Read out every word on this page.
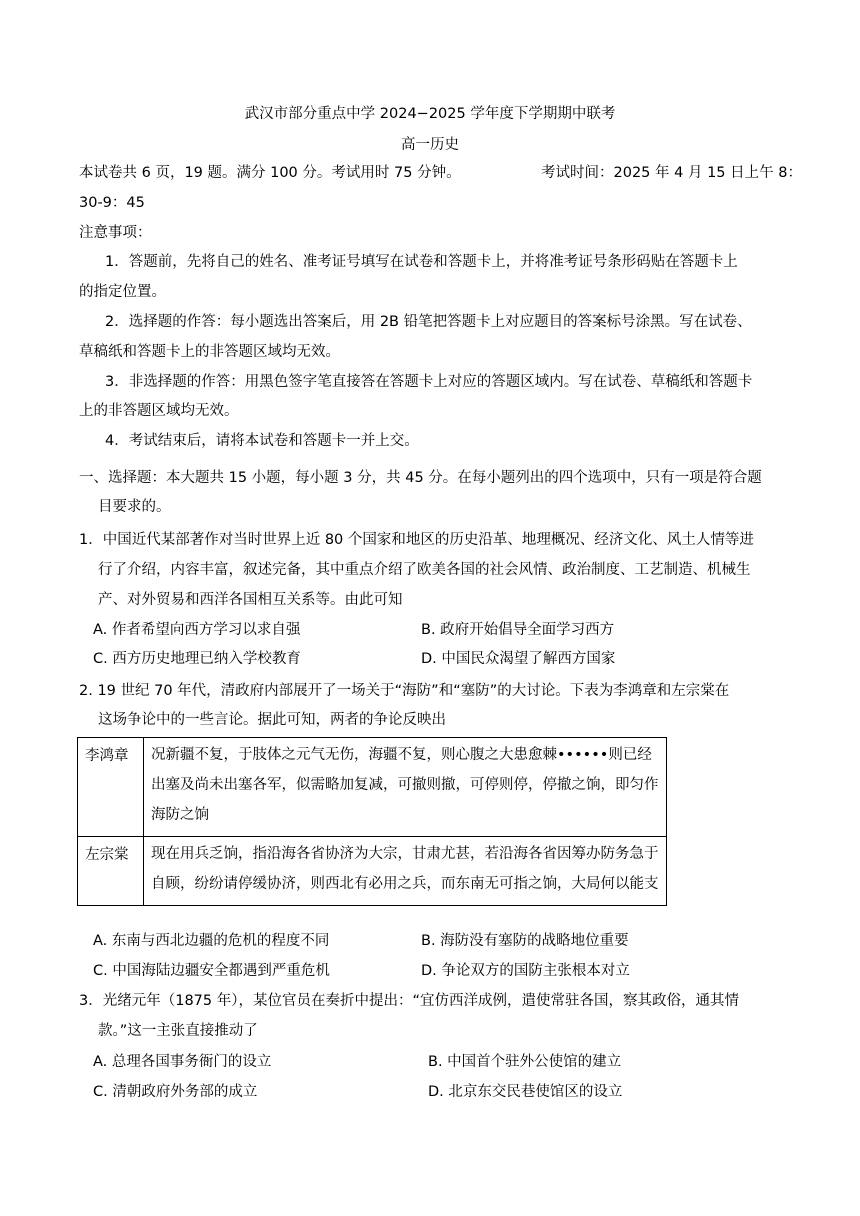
武汉市部分重点中学 2024−2025 学年度下学期期中联考
高一历史
本试卷共 6 页，19 题。满分 100 分。考试用时 75 分钟。	考试时间：2025 年 4 月 15 日上午 8：
30-9：45
注意事项：
1．答题前，先将自己的姓名、准考证号填写在试卷和答题卡上，并将准考证号条形码贴在答题卡上
的指定位置。
2．选择题的作答：每小题选出答案后，用 2B 铅笔把答题卡上对应题目的答案标号涂黑。写在试卷、
草稿纸和答题卡上的非答题区域均无效。
3．非选择题的作答：用黑色签字笔直接答在答题卡上对应的答题区域内。写在试卷、草稿纸和答题卡
上的非答题区域均无效。
4．考试结束后，请将本试卷和答题卡一并上交。
一、选择题：本大题共 15 小题，每小题 3 分，共 45 分。在每小题列出的四个选项中，只有一项是符合题
目要求的。
1．中国近代某部著作对当时世界上近 80 个国家和地区的历史沿革、地理概况、经济文化、风土人情等进
行了介绍，内容丰富，叙述完备，其中重点介绍了欧美各国的社会风情、政治制度、工艺制造、机械生
产、对外贸易和西洋各国相互关系等。由此可知
A. 作者希望向西方学习以求自强	B. 政府开始倡导全面学习西方
C. 西方历史地理已纳入学校教育	D. 中国民众渴望了解西方国家
2. 19 世纪 70 年代，清政府内部展开了一场关于“海防”和“塞防”的大讨论。下表为李鸿章和左宗棠在
这场争论中的一些言论。据此可知，两者的争论反映出
李鸿章	况新疆不复，于肢体之元气无伤，海疆不复，则心腹之大患愈棘••••••则已经出塞及尚未出塞各军，似需略加复减，可撤则撤，可停则停，停撤之饷，即匀作海防之饷
左宗棠	现在用兵乏饷，指沿海各省协济为大宗，甘肃尤甚，若沿海各省因筹办防务急于自顾，纷纷请停缓协济，则西北有必用之兵，而东南无可指之饷，大局何以能支
A. 东南与西北边疆的危机的程度不同	B. 海防没有塞防的战略地位重要
C. 中国海陆边疆安全都遇到严重危机	D. 争论双方的国防主张根本对立
3．光绪元年（1875 年），某位官员在奏折中提出：“宜仿西洋成例，遣使常驻各国，察其政俗，通其情
款。”这一主张直接推动了
A. 总理各国事务衙门的设立	B. 中国首个驻外公使馆的建立
C. 清朝政府外务部的成立	D. 北京东交民巷使馆区的设立
